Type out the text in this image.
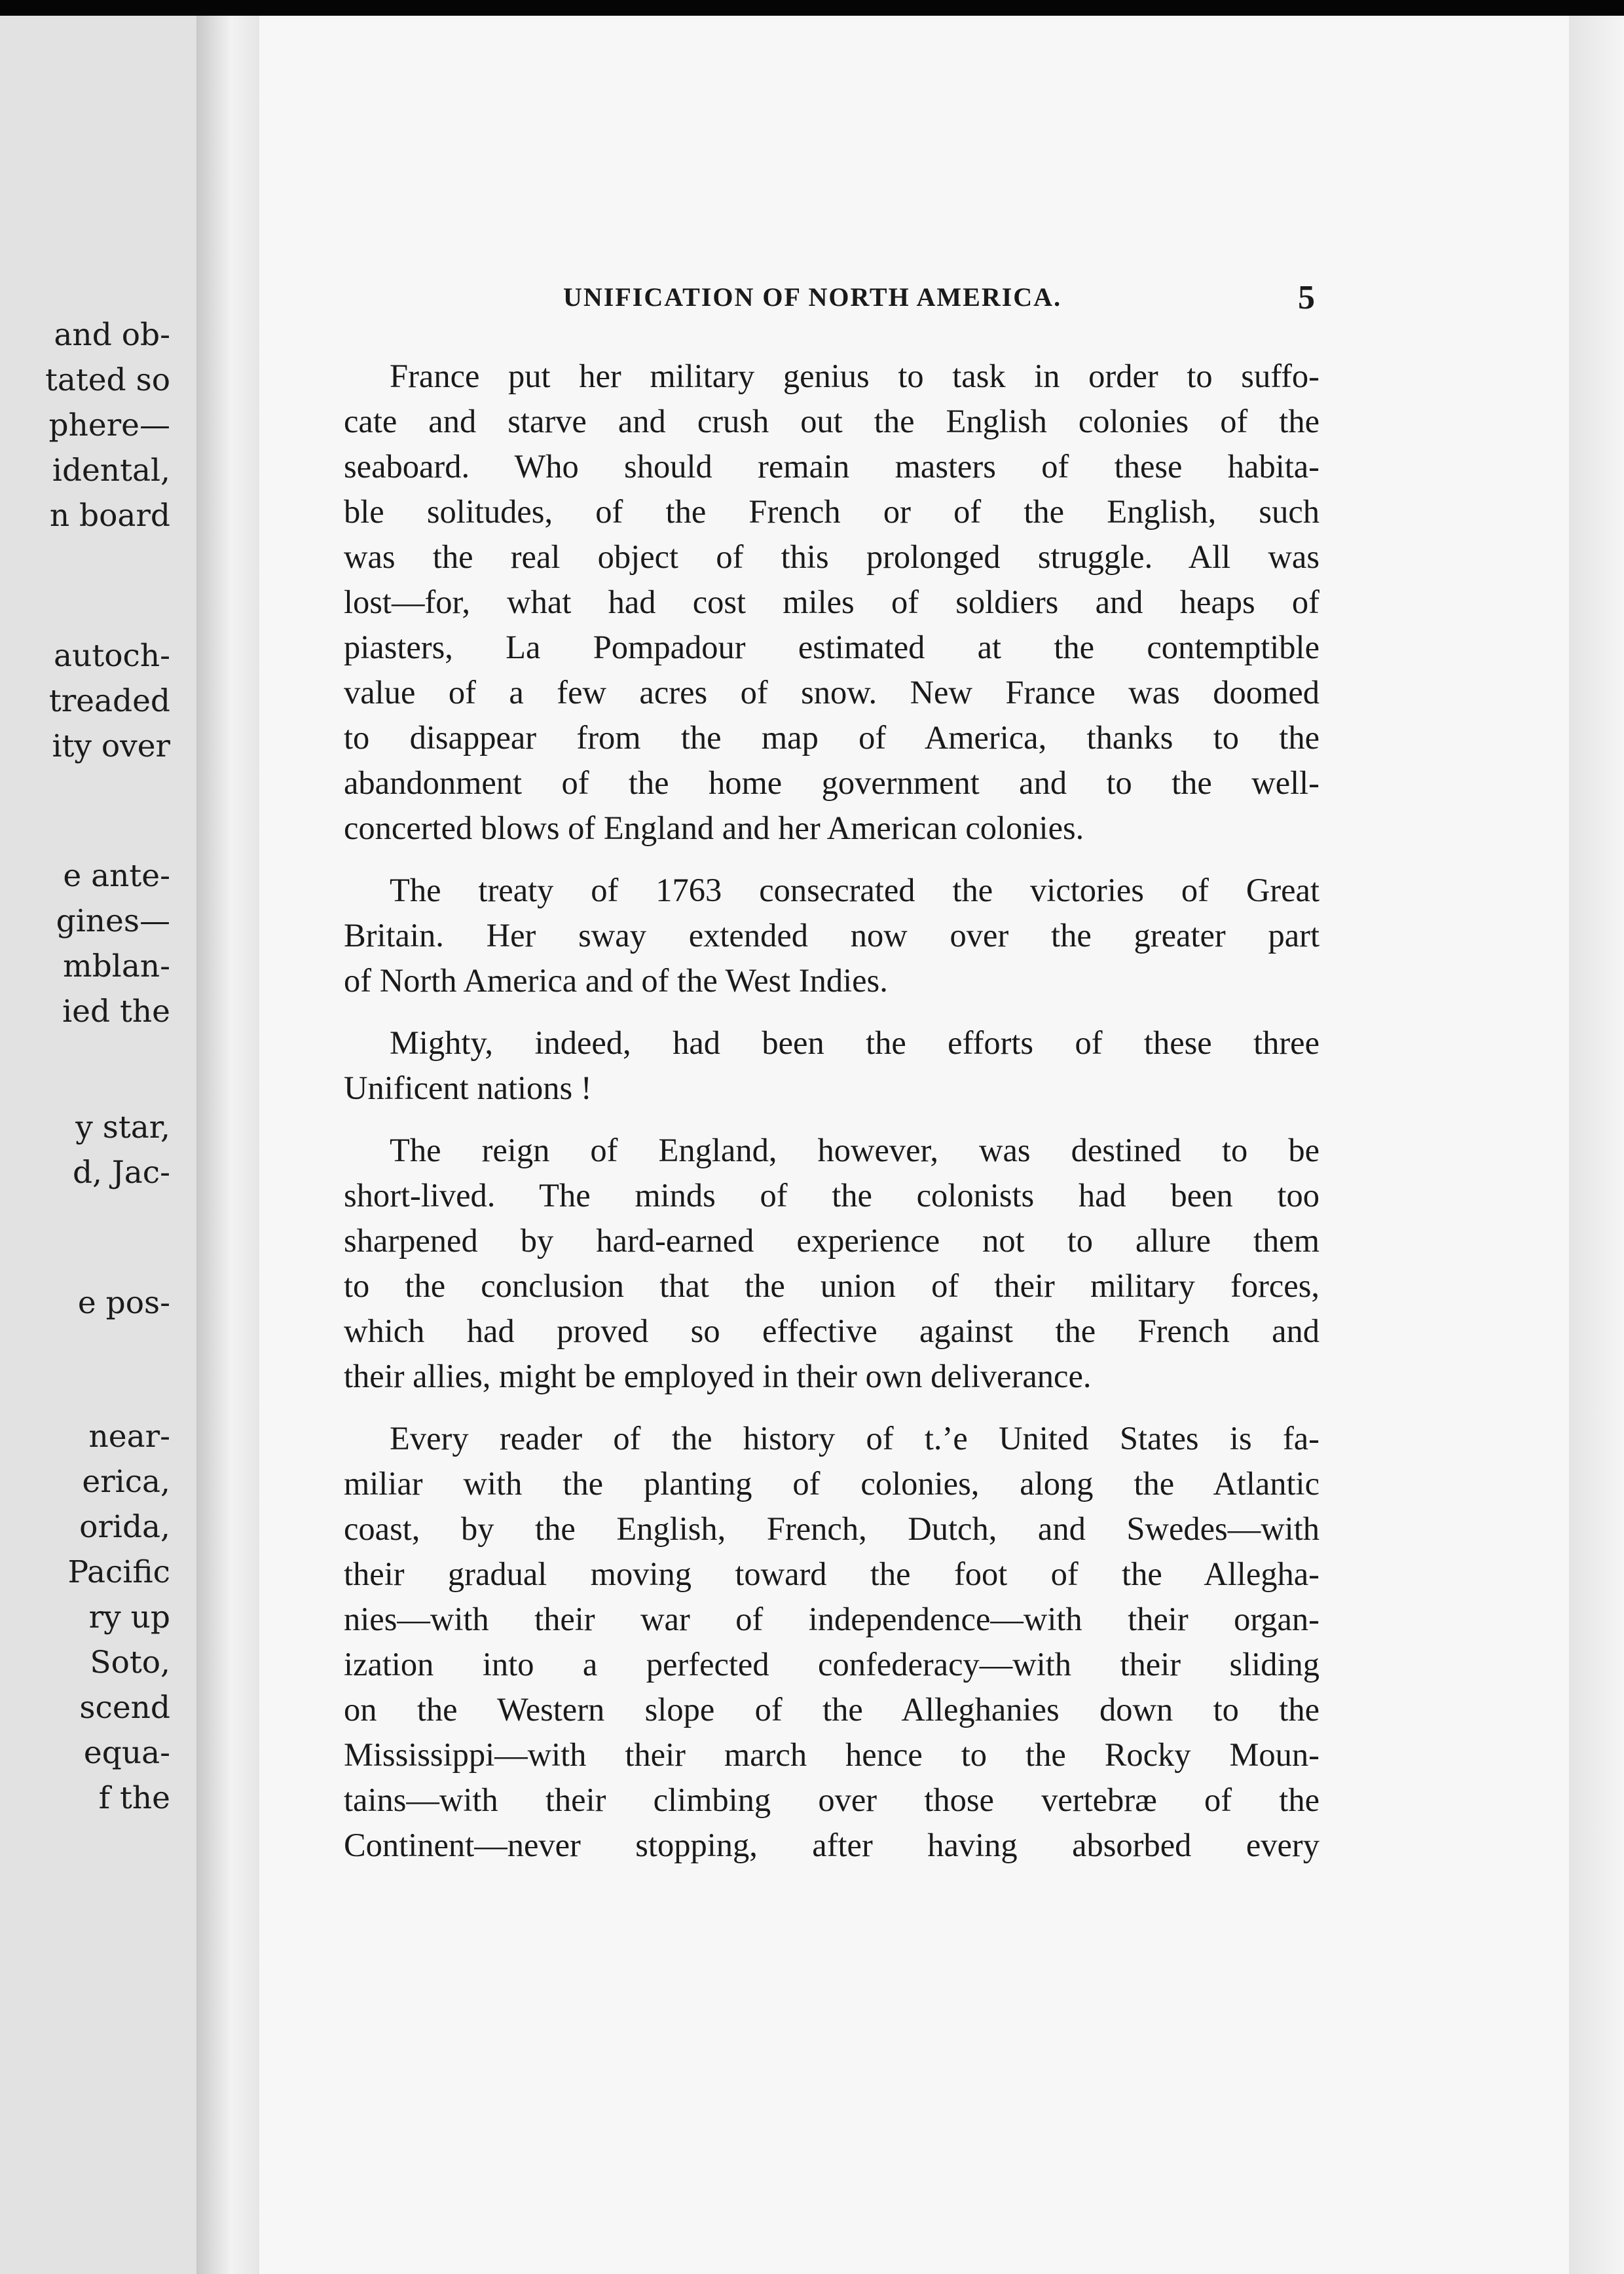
and ob-
tated so
phere—
idental,
n board
autoch-
treaded
ity over
e ante-
gines—
mblan-
ied the
y star,
d, Jac-
e pos-
near-
erica,
orida,
Pacific
ry up
Soto,
scend
equa-
f the
UNIFICATION OF NORTH AMERICA.	5
France put her military genius to task in order to suffo-
cate and starve and crush out the English colonies of the
seaboard. Who should remain masters of these habita-
ble solitudes, of the French or of the English, such
was the real object of this prolonged struggle. All was
lost—for, what had cost miles of soldiers and heaps of
piasters, La Pompadour estimated at the contemptible
value of a few acres of snow. New France was doomed
to disappear from the map of America, thanks to the
abandonment of the home government and to the well-
concerted blows of England and her American colonies.
The treaty of 1763 consecrated the victories of Great
Britain. Her sway extended now over the greater part
of North America and of the West Indies.
Mighty, indeed, had been the efforts of these three
Unificent nations !
The reign of England, however, was destined to be
short-lived. The minds of the colonists had been too
sharpened by hard-earned experience not to allure them
to the conclusion that the union of their military forces,
which had proved so effective against the French and
their allies, might be employed in their own deliverance.
Every reader of the history of t.’e United States is fa-
miliar with the planting of colonies, along the Atlantic
coast, by the English, French, Dutch, and Swedes—with
their gradual moving toward the foot of the Allegha-
nies—with their war of independence—with their organ-
ization into a perfected confederacy—with their sliding
on the Western slope of the Alleghanies down to the
Mississippi—with their march hence to the Rocky Moun-
tains—with their climbing over those vertebræ of the
Continent—never stopping, after having absorbed every
